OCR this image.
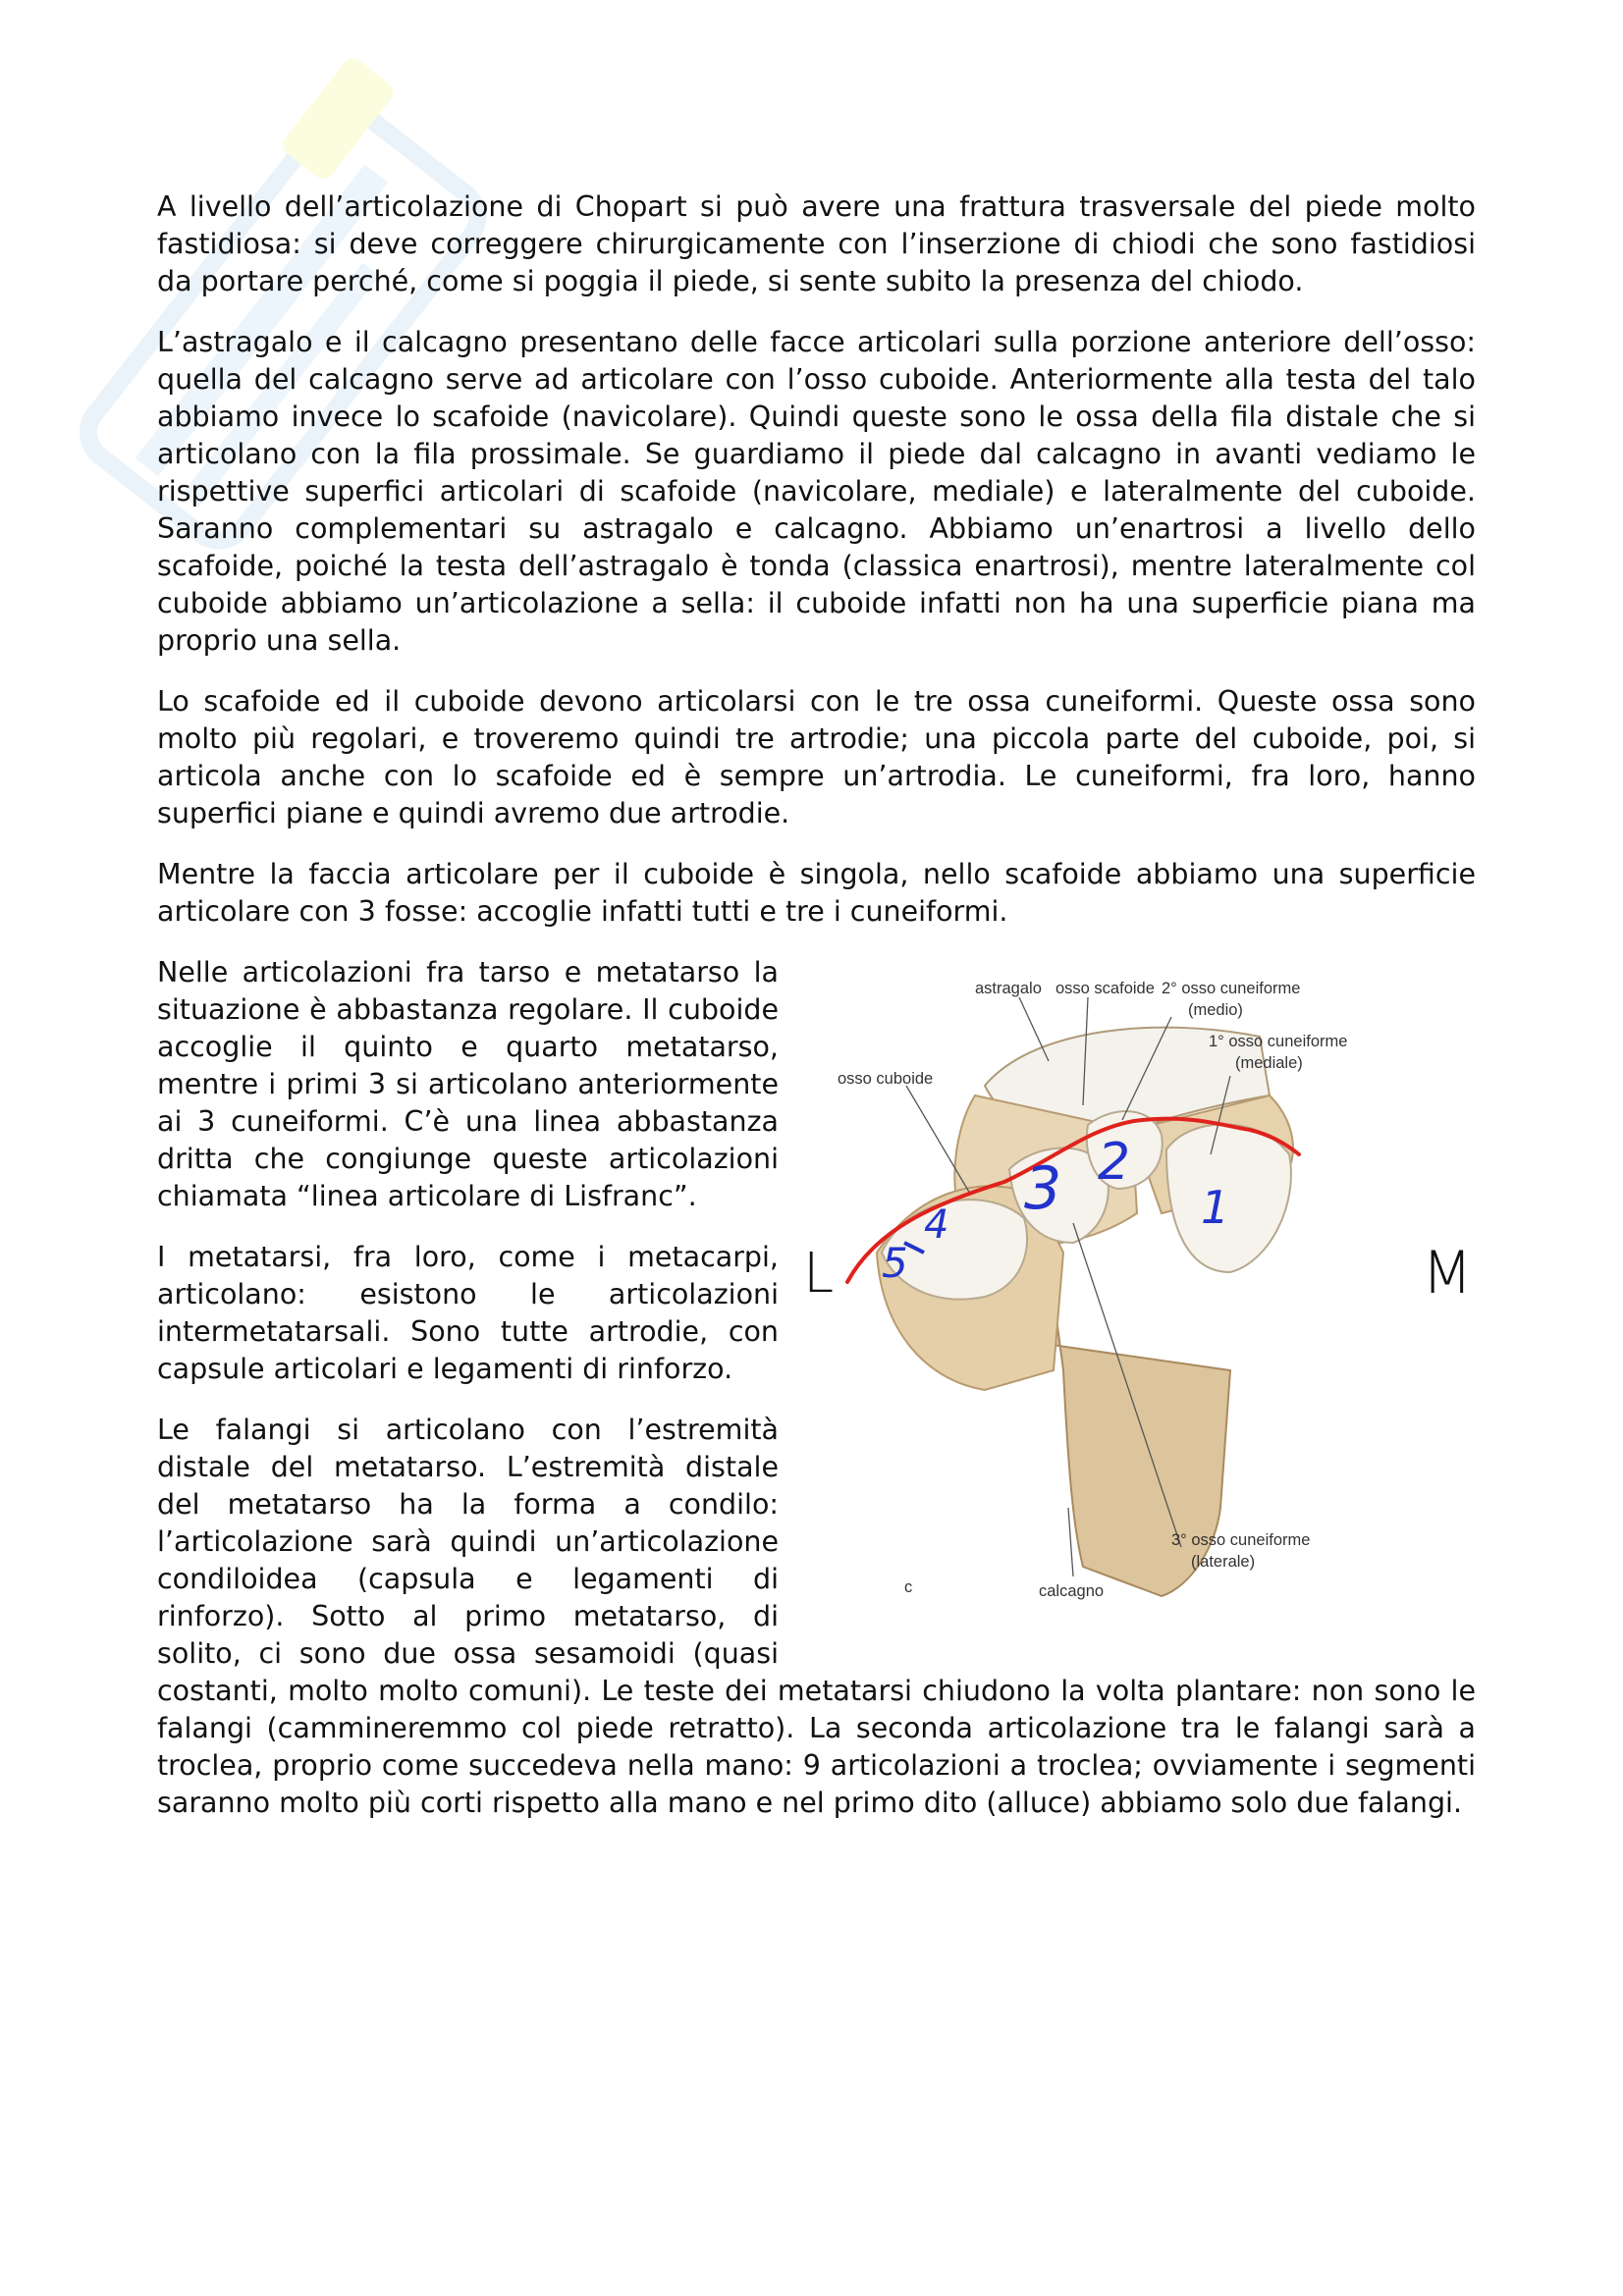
A livello dell’articolazione di Chopart si può avere una frattura trasversale del piede molto fastidiosa: si deve correggere chirurgicamente con l’inserzione di chiodi che sono fastidiosi da portare perché, come si poggia il piede, si sente subito la presenza del chiodo.

L’astragalo e il calcagno presentano delle facce articolari sulla porzione anteriore dell’osso: quella del calcagno serve ad articolare con l’osso cuboide. Anteriormente alla testa del talo abbiamo invece lo scafoide (navicolare). Quindi queste sono le ossa della fila distale che si articolano con la fila prossimale. Se guardiamo il piede dal calcagno in avanti vediamo le rispettive superfici articolari di scafoide (navicolare, mediale) e lateralmente del cuboide. Saranno complementari su astragalo e calcagno. Abbiamo un’enartrosi a livello dello scafoide, poiché la testa dell’astragalo è tonda (classica enartrosi), mentre lateralmente col cuboide abbiamo un’articolazione a sella: il cuboide infatti non ha una superficie piana ma proprio una sella.

Lo scafoide ed il cuboide devono articolarsi con le tre ossa cuneiformi. Queste ossa sono molto più regolari, e troveremo quindi tre artrodie; una piccola parte del cuboide, poi, si articola anche con lo scafoide ed è sempre un’artrodia. Le cuneiformi, fra loro, hanno superfici piane e quindi avremo due artrodie.

Mentre la faccia articolare per il cuboide è singola, nello scafoide abbiamo una superficie articolare con 3 fosse: accoglie infatti tutti e tre i cuneiformi.

astragalo osso scafoide 2° osso cuneiforme
(medio)
1° osso cuneiforme
(mediale)
osso cuboide
3° osso cuneiforme
(laterale)
calcagno
c
5
4
3 2
1

Nelle articolazioni fra tarso e metatarso la situazione è abbastanza regolare. Il cuboide accoglie il quinto e quarto metatarso, mentre i primi 3 si articolano anteriormente ai 3 cuneiformi. C’è una linea abbastanza dritta che congiunge queste articolazioni chiamata “linea articolare di Lisfranc”.

I metatarsi, fra loro, come i metacarpi, articolano: esistono le articolazioni intermetatarsali. Sono tutte artrodie, con capsule articolari e legamenti di rinforzo.

Le falangi si articolano con l’estremità distale del metatarso. L’estremità distale del metatarso ha la forma a condilo: l’articolazione sarà quindi un’articolazione condiloidea (capsula e legamenti di rinforzo). Sotto al primo metatarso, di solito, ci sono due ossa sesamoidi (quasi costanti, molto molto comuni). Le teste dei metatarsi chiudono la volta plantare: non sono le falangi (cammineremmo col piede retratto). La seconda articolazione tra le falangi sarà a troclea, proprio come succedeva nella mano: 9 articolazioni a troclea; ovviamente i segmenti saranno molto più corti rispetto alla mano e nel primo dito (alluce) abbiamo solo due falangi.

L	M
